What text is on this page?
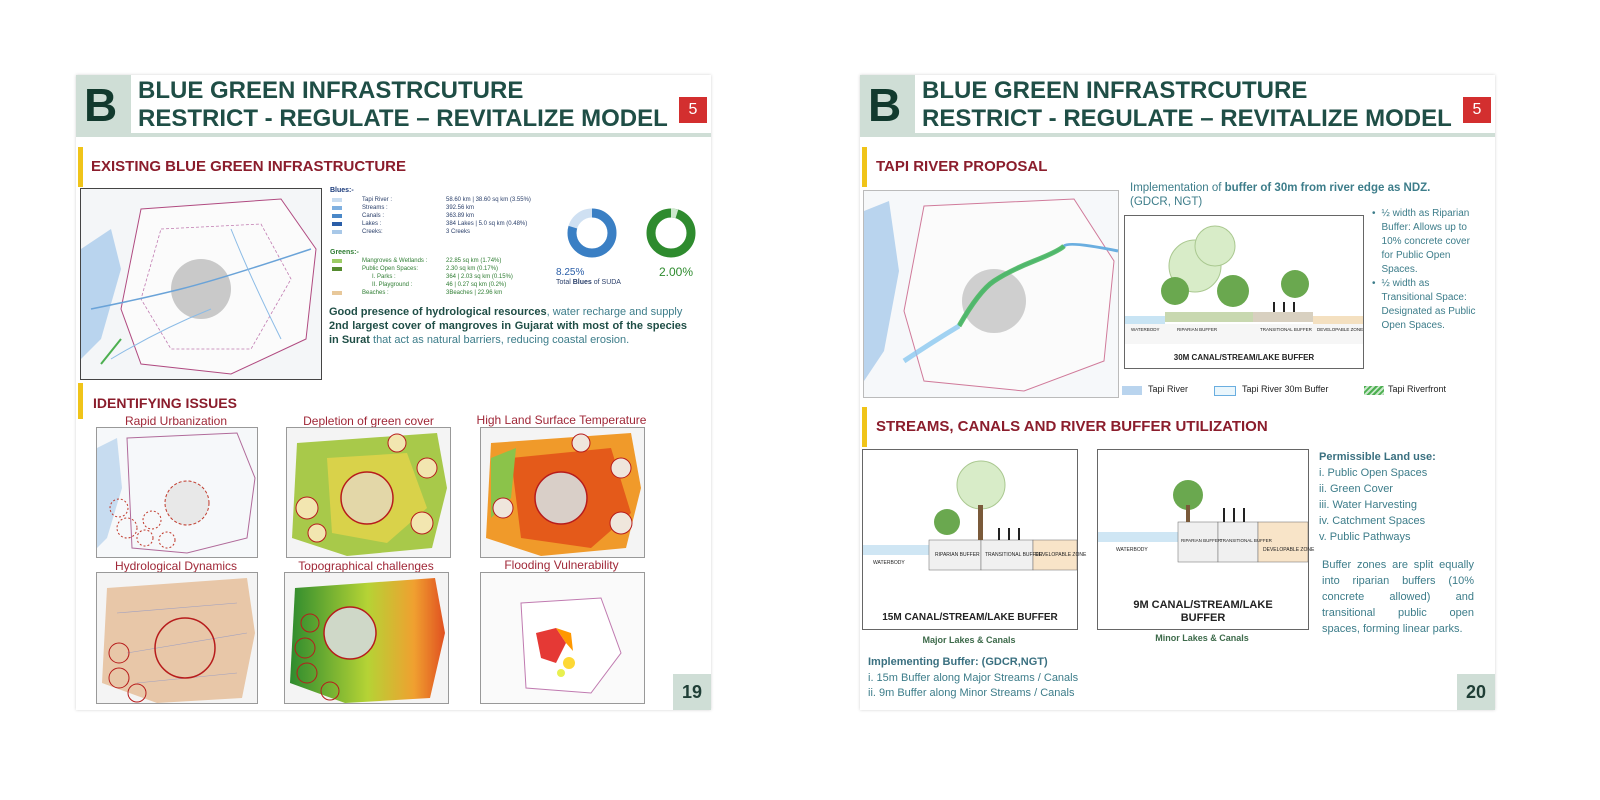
B BLUE GREEN INFRASTRCUTURE
RESTRICT - REGULATE – REVITALIZE MODEL	5
EXISTING BLUE GREEN INFRASTRUCTURE
Blues:-
Tapi River :	58.60 km | 38.60 sq km (3.55%)
Streams :	392.56 km
Canals :	363.89 km
Lakes :	384 Lakes | 5.0 sq km (0.48%)
Creeks:	3 Creeks
Greens:-
Mangroves & Wetlands :	22.85 sq km (1.74%)
Public Open Spaces:	2.30 sq km (0.17%)
I. Parks :	364 | 2.03 sq km (0.15%)
II. Playground :	46 | 0.27 sq km (0.2%)
Beaches :	3Beaches | 22.96 km
8.25%
Total Blues of SUDA
2.00%
Good presence of hydrological resources, water recharge and supply
2nd largest cover of mangroves in Gujarat with most of the species in Surat that act as natural barriers, reducing coastal erosion.
IDENTIFYING ISSUES
Rapid Urbanization	Depletion of green cover	High Land Surface Temperature
Hydrological Dynamics	Topographical challenges	Flooding Vulnerability
19
B BLUE GREEN INFRASTRCUTURE
RESTRICT - REGULATE – REVITALIZE MODEL	5
TAPI RIVER PROPOSAL
Implementation of buffer of 30m from river edge as NDZ.
(GDCR, NGT)
WATERBODY	RIPARIAN BUFFER	TRANSITIONAL BUFFER DEVELOPABLE ZONE
30M CANAL/STREAM/LAKE BUFFER
• ½ width as Riparian Buffer: Allows up to 10% concrete cover for Public Open Spaces.
• ½ width as Transitional Space: Designated as Public Open Spaces.
Tapi River	Tapi River 30m Buffer	Tapi Riverfront
STREAMS, CANALS AND RIVER BUFFER UTILIZATION
WATERBODY
RIPARIAN BUFFER TRANSITIONAL BUFFER
DEVELOPABLE ZONE
15M CANAL/STREAM/LAKE BUFFER
Major Lakes & Canals
WATERBODY
RIPARIAN BUFFER
TRANSITIONAL BUFFER
DEVELOPABLE ZONE
9M CANAL/STREAM/LAKE
BUFFER
Minor Lakes & Canals
Permissible Land use:
i. Public Open Spaces
ii. Green Cover
iii. Water Harvesting
iv. Catchment Spaces
v. Public Pathways
Buffer zones are split equally into riparian buffers (10% concrete allowed) and transitional public open spaces, forming linear parks.
Implementing Buffer: (GDCR,NGT)
i. 15m Buffer along Major Streams / Canals
ii. 9m Buffer along Minor Streams / Canals	20
